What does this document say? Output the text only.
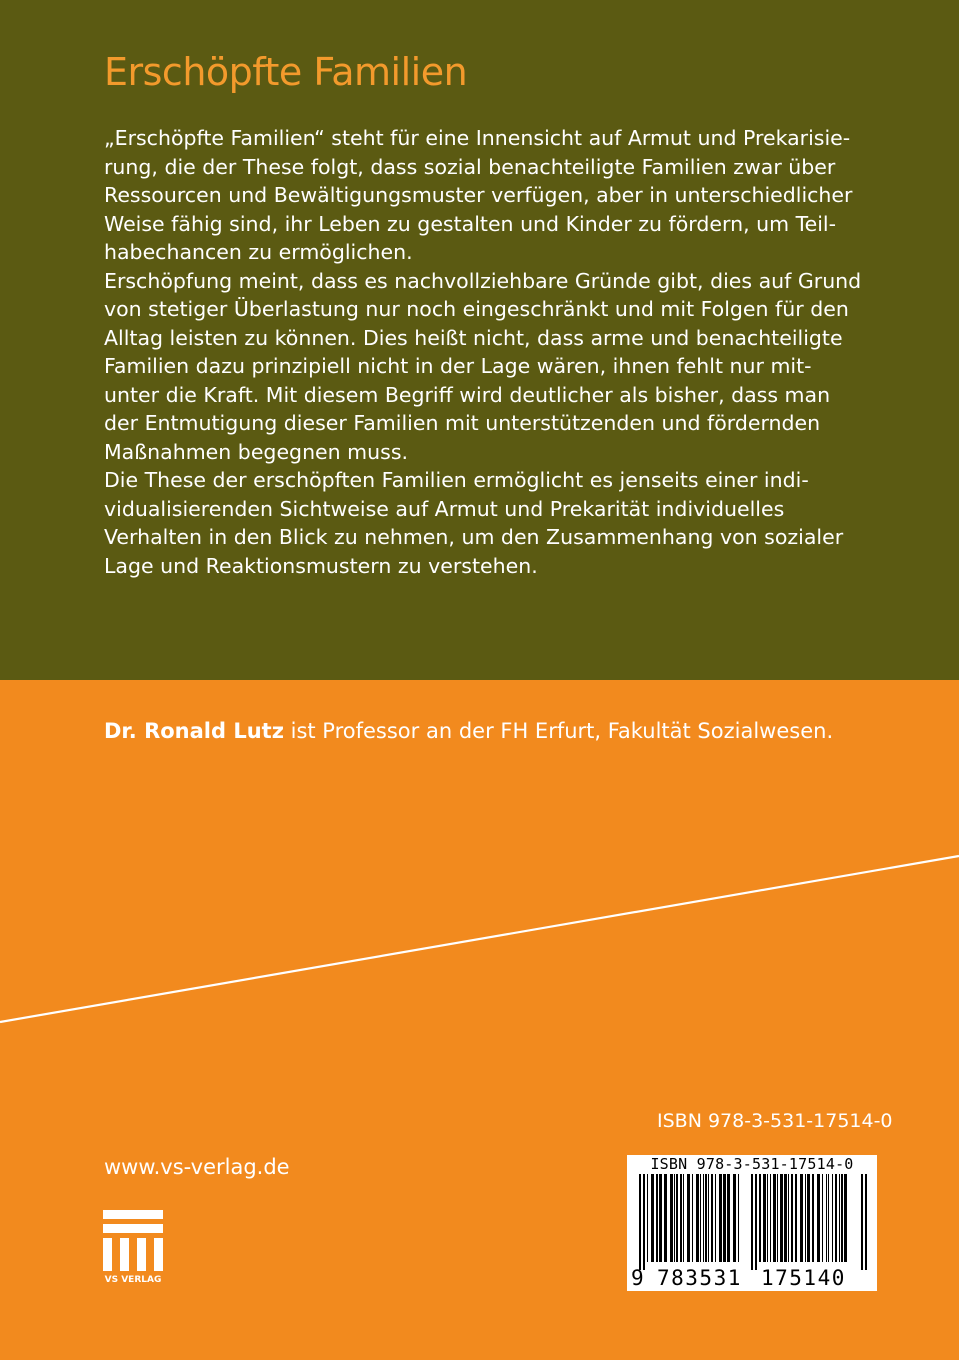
Erschöpfte Familien

„Erschöpfte Familien“ steht für eine Innensicht auf Armut und Prekarisie-
rung, die der These folgt, dass sozial benachteiligte Familien zwar über
Ressourcen und Bewältigungsmuster verfügen, aber in unterschiedlicher
Weise fähig sind, ihr Leben zu gestalten und Kinder zu fördern, um Teil-
habechancen zu ermöglichen.

Erschöpfung meint, dass es nachvollziehbare Gründe gibt, dies auf Grund
von stetiger Überlastung nur noch eingeschränkt und mit Folgen für den
Alltag leisten zu können. Dies heißt nicht, dass arme und benachteiligte
Familien dazu prinzipiell nicht in der Lage wären, ihnen fehlt nur mit-
unter die Kraft. Mit diesem Begriff wird deutlicher als bisher, dass man
der Entmutigung dieser Familien mit unterstützenden und fördernden
Maßnahmen begegnen muss.

Die These der erschöpften Familien ermöglicht es jenseits einer indi-
vidualisierenden Sichtweise auf Armut und Prekarität individuelles
Verhalten in den Blick zu nehmen, um den Zusammenhang von sozialer
Lage und Reaktionsmustern zu verstehen.

Dr. Ronald Lutz ist Professor an der FH Erfurt, Fakultät Sozialwesen.

ISBN 978-3-531-17514-0
www.vs-verlag.de
VS VERLAG
ISBN 978-3-531-17514-0
9 783531 175140
